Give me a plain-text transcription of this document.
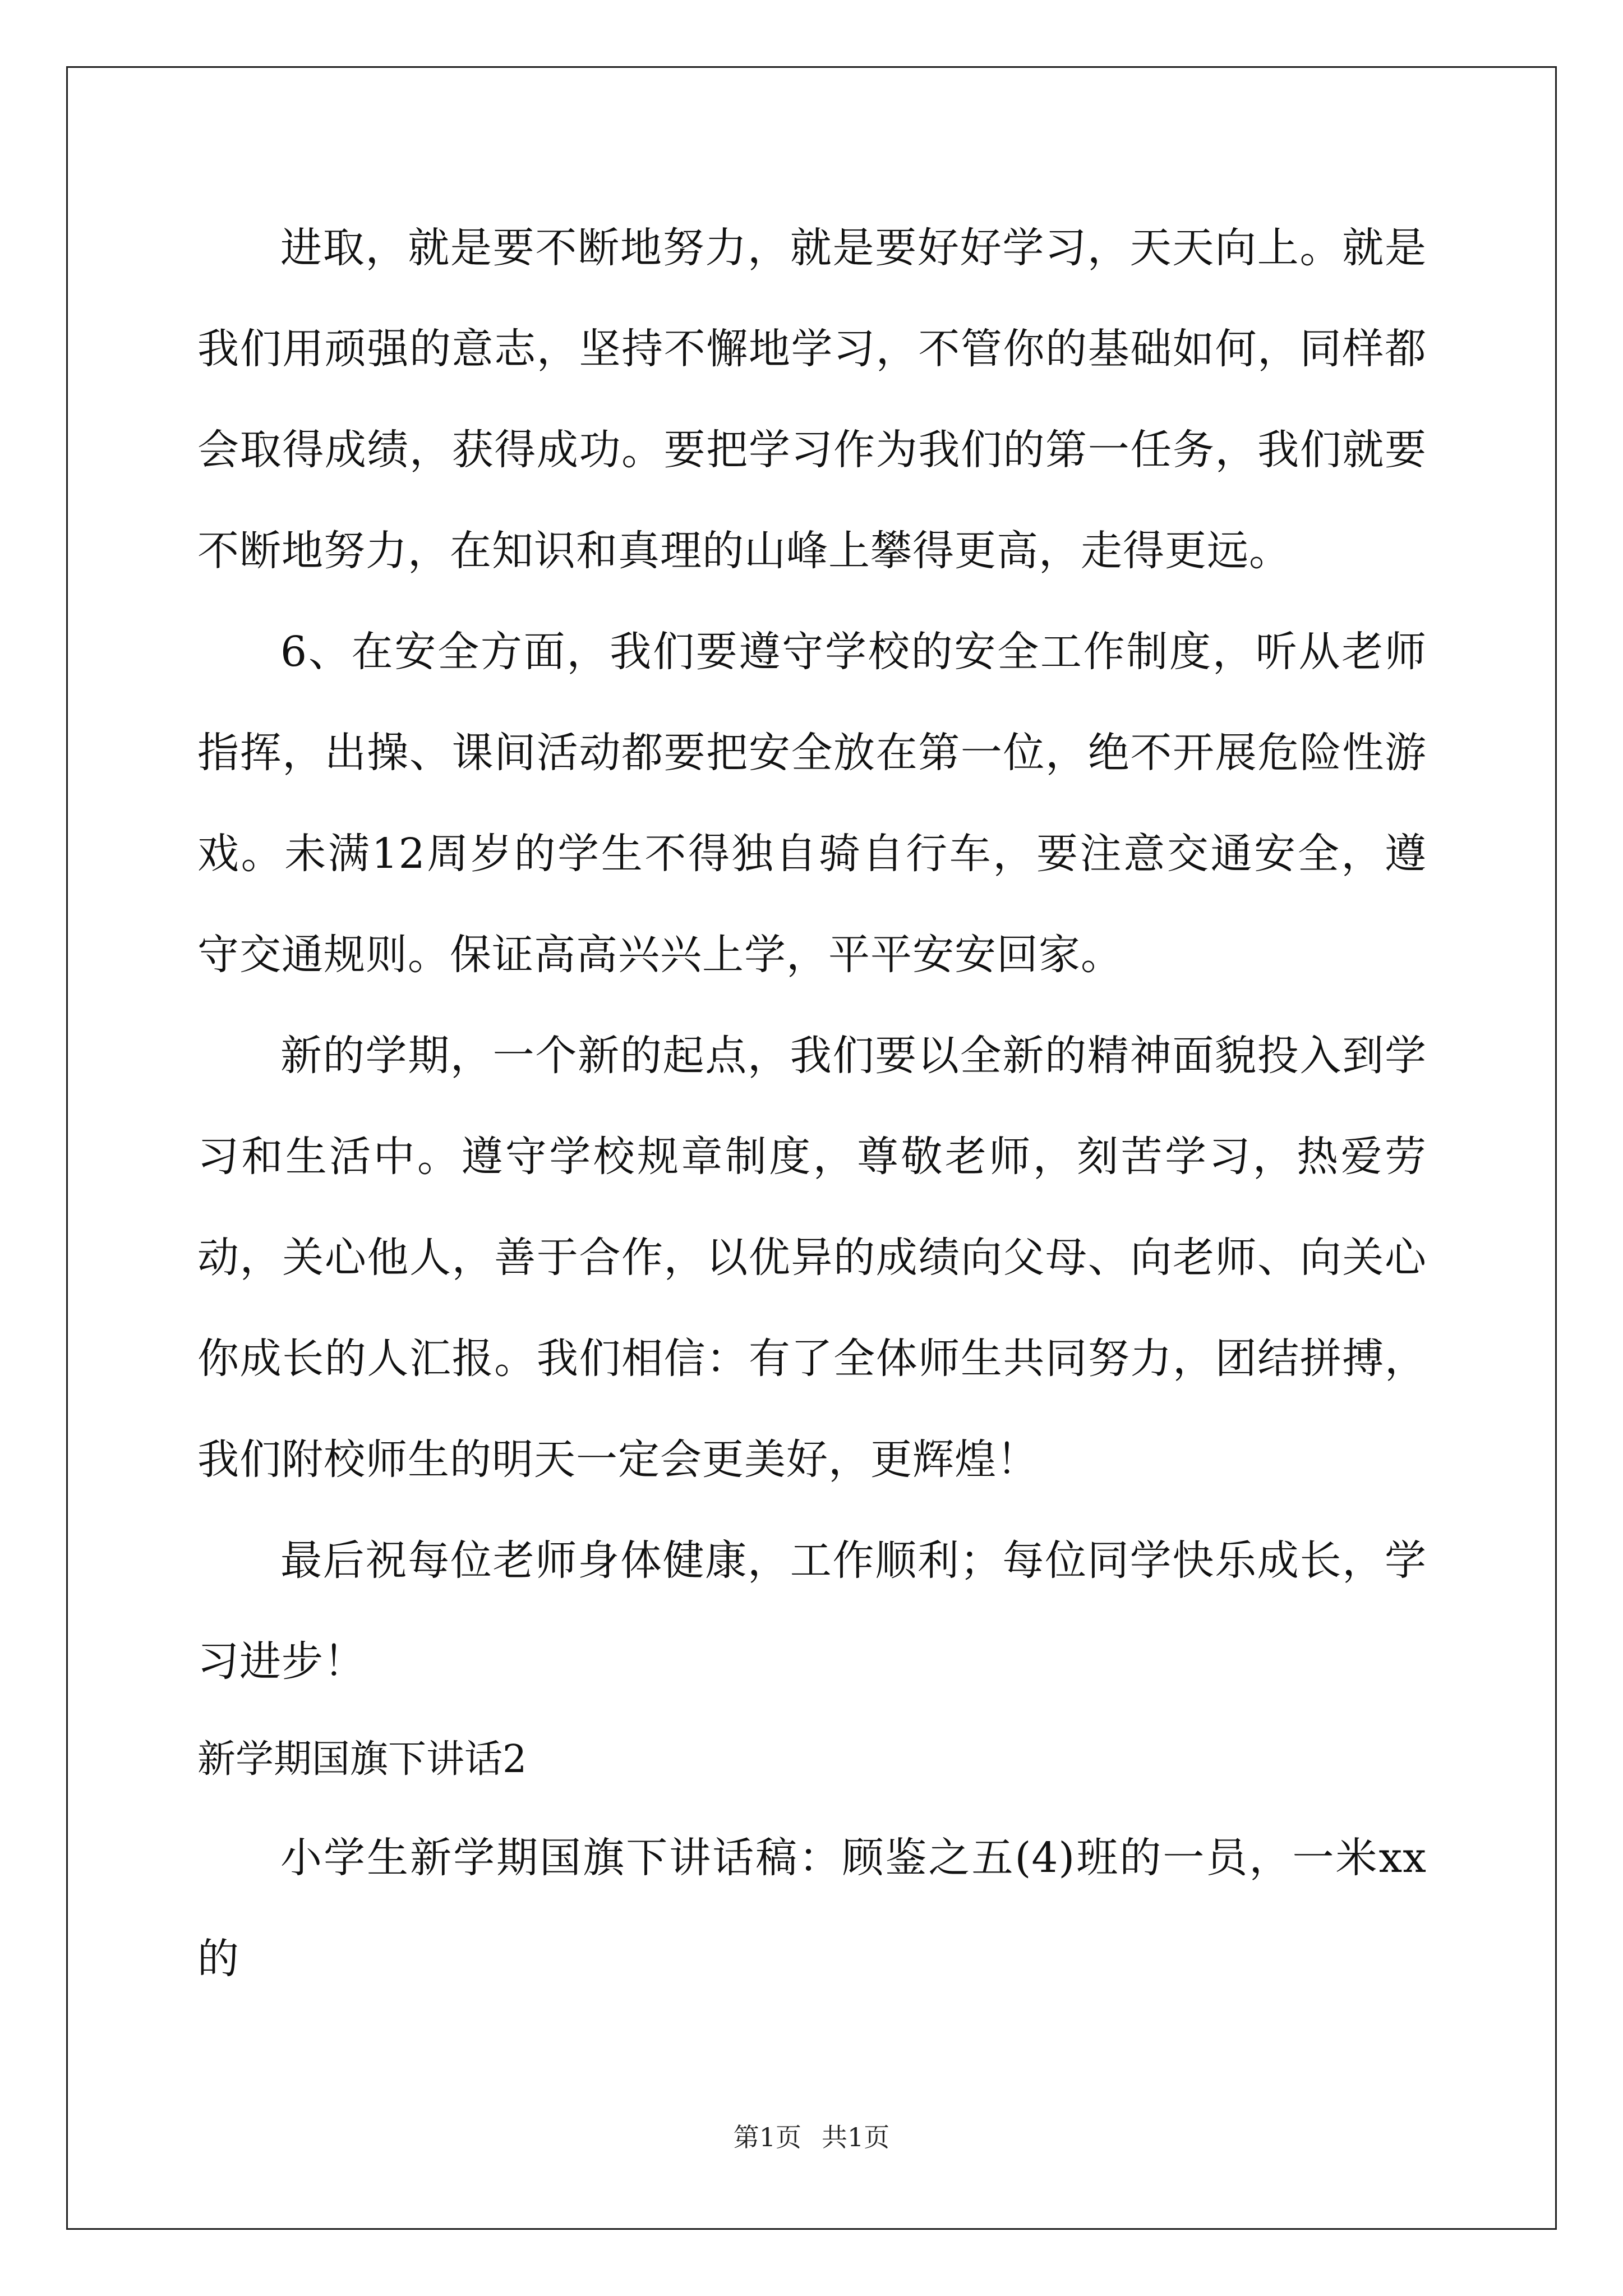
进取，就是要不断地努力，就是要好好学习，天天向上。就是我们用顽强的意志，坚持不懈地学习，不管你的基础如何，同样都会取得成绩，获得成功。要把学习作为我们的第一任务，我们就要不断地努力，在知识和真理的山峰上攀得更高，走得更远。

6、在安全方面，我们要遵守学校的安全工作制度，听从老师指挥，出操、课间活动都要把安全放在第一位，绝不开展危险性游戏。未满12周岁的学生不得独自骑自行车，要注意交通安全，遵守交通规则。保证高高兴兴上学，平平安安回家。

新的学期，一个新的起点，我们要以全新的精神面貌投入到学习和生活中。遵守学校规章制度，尊敬老师，刻苦学习，热爱劳动，关心他人，善于合作，以优异的成绩向父母、向老师、向关心你成长的人汇报。我们相信：有了全体师生共同努力，团结拼搏，我们附校师生的明天一定会更美好，更辉煌！

最后祝每位老师身体健康，工作顺利；每位同学快乐成长，学习进步！

新学期国旗下讲话2

小学生新学期国旗下讲话稿：顾鉴之五(4)班的一员，一米xx的

第1页 共1页
